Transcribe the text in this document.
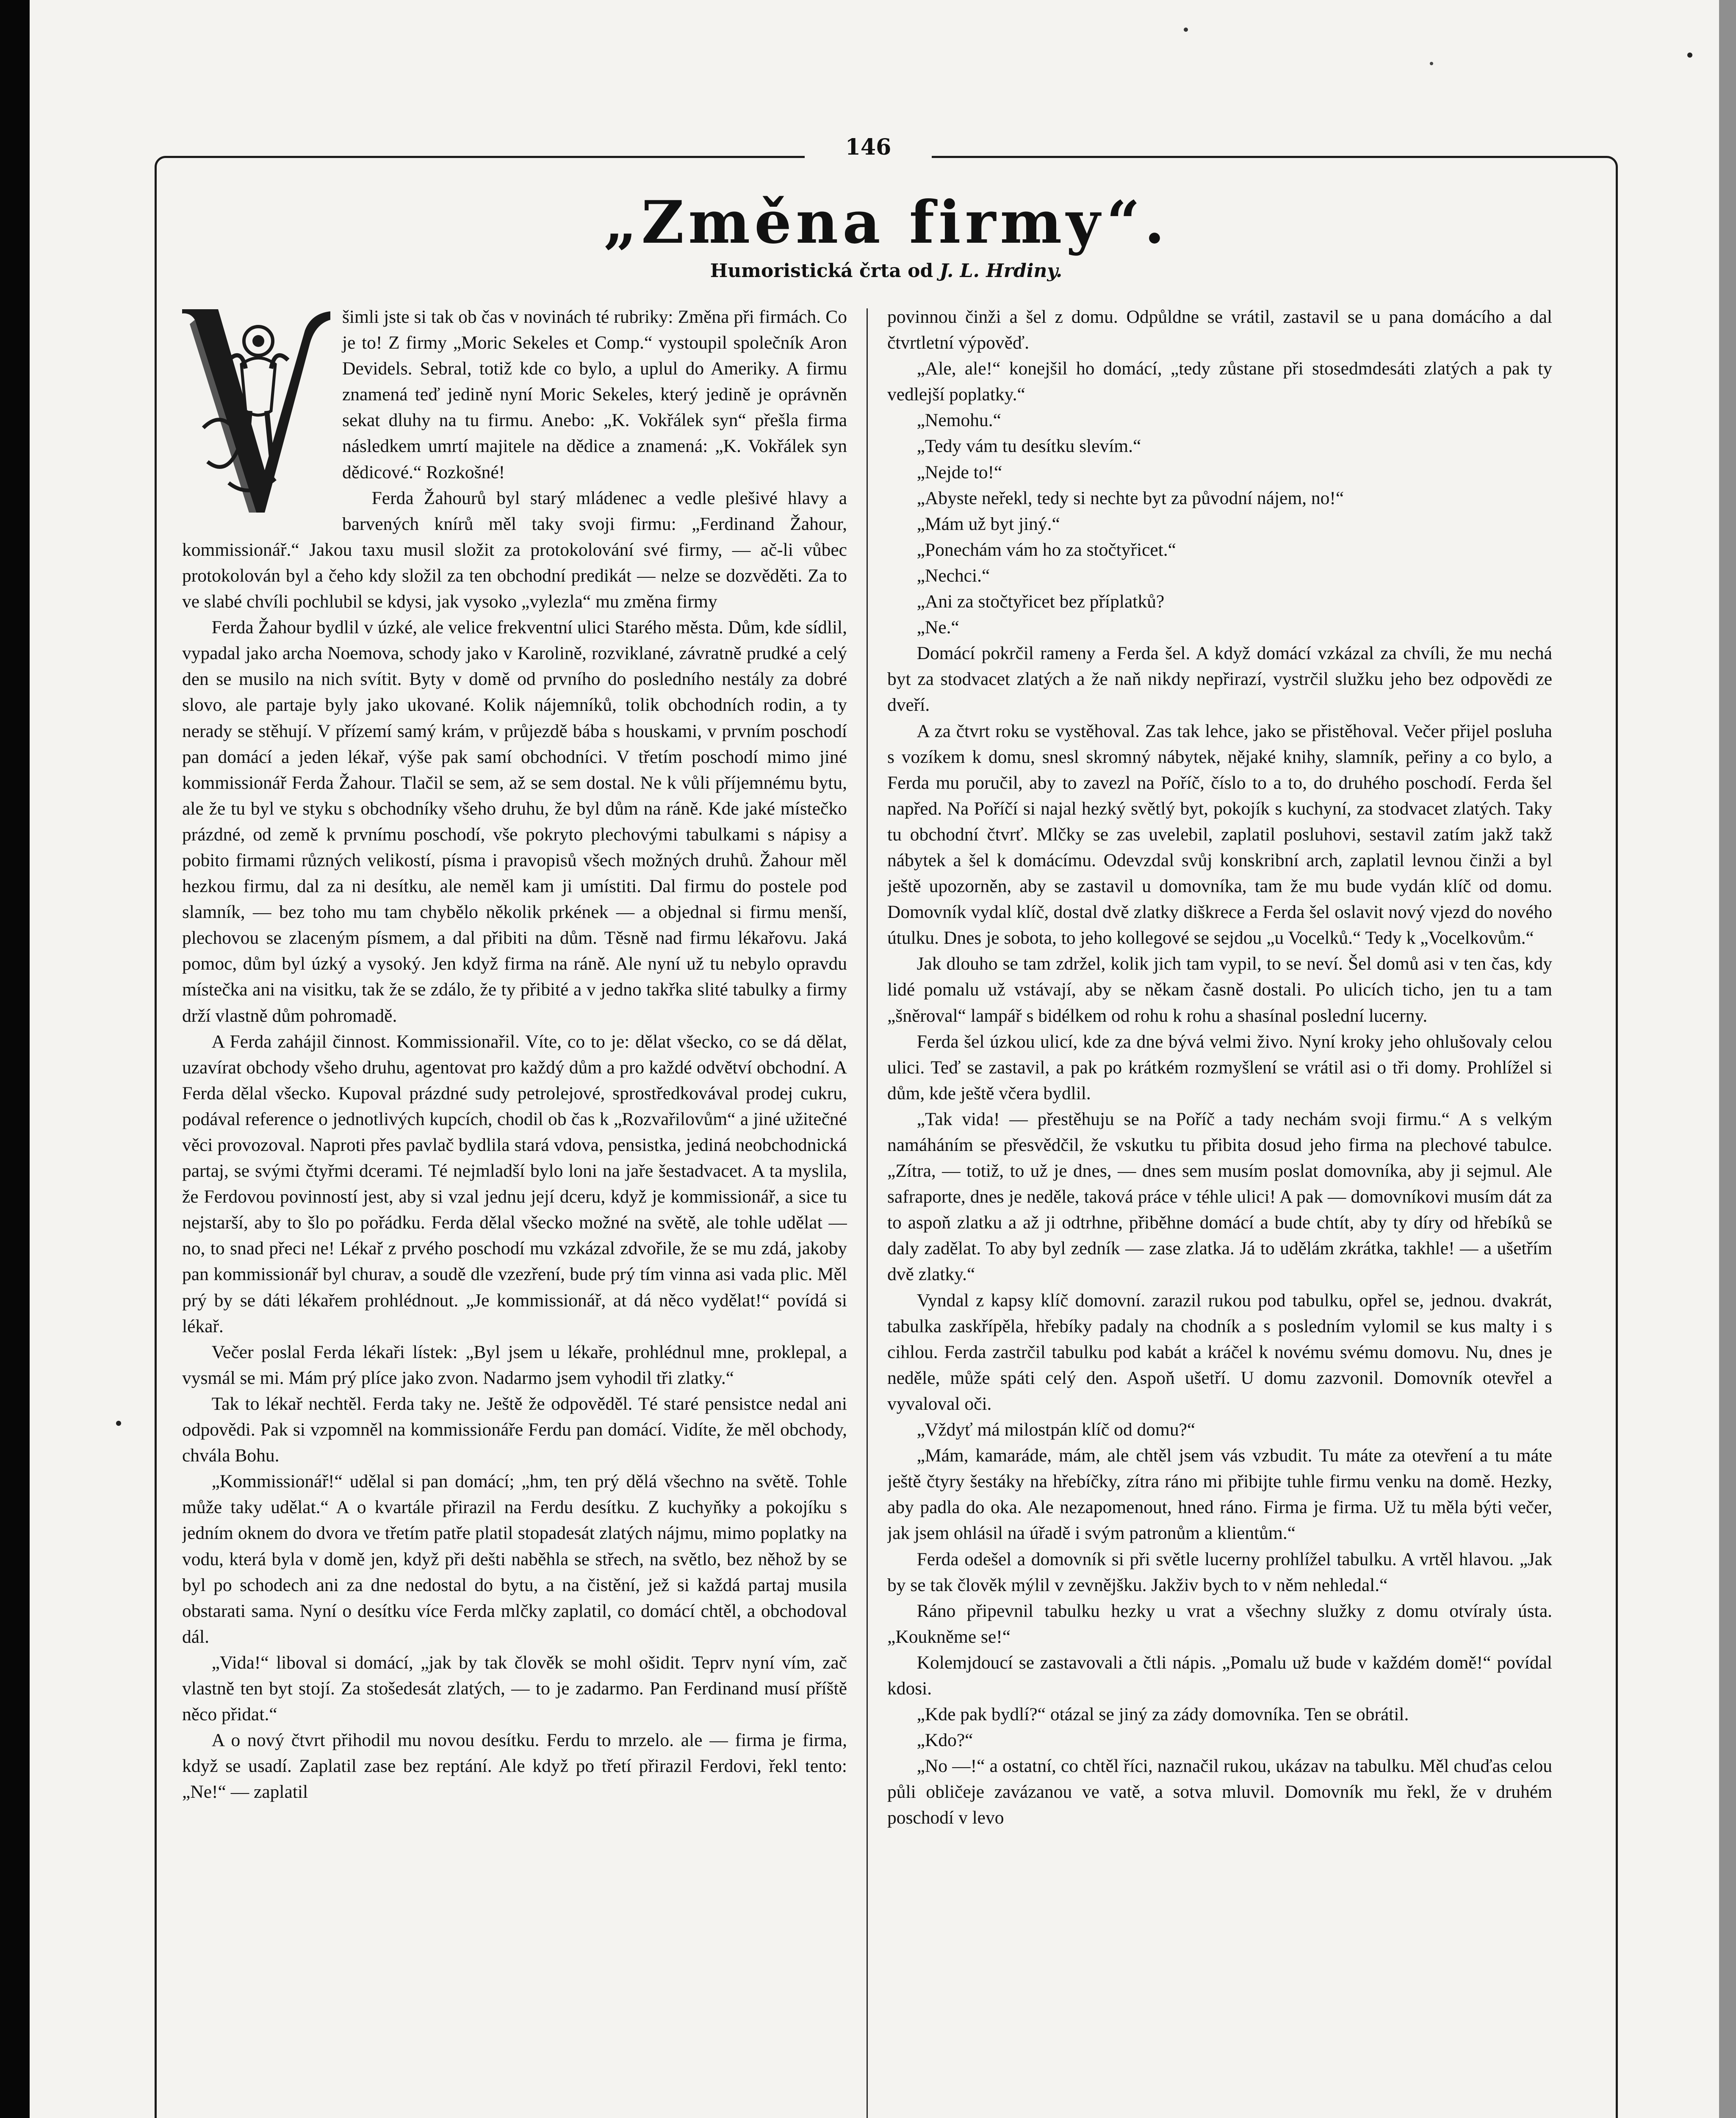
146
„Změna firmy“.
Humoristická črta od J. L. Hrdiny.

šimli jste si tak ob čas v novinách té rubriky: Změna při firmách. Co je to! Z firmy „Moric Sekeles et Comp.“ vystoupil společník Aron Devidels. Sebral, totiž kde co bylo, a uplul do Ameriky. A firmu znamená teď jedině nyní Moric Sekeles, který jedině je oprávněn sekat dluhy na tu firmu. Anebo: „K. Vokřálek syn“ přešla firma následkem umrtí majitele na dědice a znamená: „K. Vokřálek syn dědicové.“ Rozkošné!

Ferda Žahourů byl starý mládenec a vedle plešivé hlavy a barvených knírů měl taky svoji firmu: „Ferdinand Žahour, kommissionář.“ Jakou taxu musil složit za protokolování své firmy, — ač-li vůbec protokolován byl a čeho kdy složil za ten obchodní predikát — nelze se dozvěděti. Za to ve slabé chvíli pochlubil se kdysi, jak vysoko „vylezla“ mu změna firmy

Ferda Žahour bydlil v úzké, ale velice frekventní ulici Starého města. Dům, kde sídlil, vypadal jako archa Noemova, schody jako v Karolině, rozviklané, závratně prudké a celý den se musilo na nich svítit. Byty v domě od prvního do posledního nestály za dobré slovo, ale partaje byly jako ukované. Kolik nájemníků, tolik obchodních rodin, a ty nerady se stěhují. V přízemí samý krám, v průjezdě bába s houskami, v prvním poschodí pan domácí a jeden lékař, výše pak samí obchodníci. V třetím poschodí mimo jiné kommissionář Ferda Žahour. Tlačil se sem, až se sem dostal. Ne k vůli příjemnému bytu, ale že tu byl ve styku s obchodníky všeho druhu, že byl dům na ráně. Kde jaké místečko prázdné, od země k prvnímu poschodí, vše pokryto plechovými tabulkami s nápisy a pobito firmami různých velikostí, písma i pravopisů všech možných druhů. Žahour měl hezkou firmu, dal za ni desítku, ale neměl kam ji umístiti. Dal firmu do postele pod slamník, — bez toho mu tam chybělo několik prkének — a objednal si firmu menší, plechovou se zlaceným písmem, a dal přibiti na dům. Těsně nad firmu lékařovu. Jaká pomoc, dům byl úzký a vysoký. Jen když firma na ráně. Ale nyní už tu nebylo opravdu místečka ani na visitku, tak že se zdálo, že ty přibité a v jedno takřka slité tabulky a firmy drží vlastně dům pohromadě.

A Ferda zahájil činnost. Kommissionařil. Víte, co to je: dělat všecko, co se dá dělat, uzavírat obchody všeho druhu, agentovat pro každý dům a pro každé odvětví obchodní. A Ferda dělal všecko. Kupoval prázdné sudy petrolejové, sprostředkovával prodej cukru, podával reference o jednotlivých kupcích, chodil ob čas k „Rozvařilovům“ a jiné užitečné věci provozoval. Naproti přes pavlač bydlila stará vdova, pensistka, jediná neobchodnická partaj, se svými čtyřmi dcerami. Té nejmladší bylo loni na jaře šestadvacet. A ta myslila, že Ferdovou povinností jest, aby si vzal jednu její dceru, když je kommissionář, a sice tu nejstarší, aby to šlo po pořádku. Ferda dělal všecko možné na světě, ale tohle udělat — no, to snad přeci ne! Lékař z prvého poschodí mu vzkázal zdvořile, že se mu zdá, jakoby pan kommissionář byl churav, a soudě dle vzezření, bude prý tím vinna asi vada plic. Měl prý by se dáti lékařem prohlédnout. „Je kommissionář, at dá něco vydělat!“ povídá si lékař.

Večer poslal Ferda lékaři lístek: „Byl jsem u lékaře, prohlédnul mne, proklepal, a vysmál se mi. Mám prý plíce jako zvon. Nadarmo jsem vyhodil tři zlatky.“

Tak to lékař nechtěl. Ferda taky ne. Ještě že odpověděl. Té staré pensistce nedal ani odpovědi. Pak si vzpomněl na kommissionáře Ferdu pan domácí. Vidíte, že měl obchody, chvála Bohu.

„Kommissionář!“ udělal si pan domácí; „hm, ten prý dělá všechno na světě. Tohle může taky udělat.“ A o kvartále přirazil na Ferdu desítku. Z kuchyňky a pokojíku s jedním oknem do dvora ve třetím patře platil stopadesát zlatých nájmu, mimo poplatky na vodu, která byla v domě jen, když při dešti naběhla se střech, na světlo, bez něhož by se byl po schodech ani za dne nedostal do bytu, a na čistění, jež si každá partaj musila obstarati sama. Nyní o desítku více Ferda mlčky zaplatil, co domácí chtěl, a obchodoval dál.

„Vida!“ liboval si domácí, „jak by tak člověk se mohl ošidit. Teprv nyní vím, zač vlastně ten byt stojí. Za stošedesát zlatých, — to je zadarmo. Pan Ferdinand musí příště něco přidat.“

A o nový čtvrt přihodil mu novou desítku. Ferdu to mrzelo. ale — firma je firma, když se usadí. Zaplatil zase bez reptání. Ale když po třetí přirazil Ferdovi, řekl tento: „Ne!“ — zaplatil

povinnou činži a šel z domu. Odpůldne se vrátil, zastavil se u pana domácího a dal čtvrtletní výpověď.

„Ale, ale!“ konejšil ho domácí, „tedy zůstane při stosedmdesáti zlatých a pak ty vedlejší poplatky.“

„Nemohu.“

„Tedy vám tu desítku slevím.“

„Nejde to!“

„Abyste neřekl, tedy si nechte byt za původní nájem, no!“

„Mám už byt jiný.“

„Ponechám vám ho za stočtyřicet.“

„Nechci.“

„Ani za stočtyřicet bez příplatků?

„Ne.“

Domácí pokrčil rameny a Ferda šel. A když domácí vzkázal za chvíli, že mu nechá byt za stodvacet zlatých a že naň nikdy nepřirazí, vystrčil služku jeho bez odpovědi ze dveří.

A za čtvrt roku se vystěhoval. Zas tak lehce, jako se přistěhoval. Večer přijel posluha s vozíkem k domu, snesl skromný nábytek, nějaké knihy, slamník, peřiny a co bylo, a Ferda mu poručil, aby to zavezl na Poříč, číslo to a to, do druhého poschodí. Ferda šel napřed. Na Poříčí si najal hezký světlý byt, pokojík s kuchyní, za stodvacet zlatých. Taky tu obchodní čtvrť. Mlčky se zas uvelebil, zaplatil posluhovi, sestavil zatím jakž takž nábytek a šel k domácímu. Odevzdal svůj konskribní arch, zaplatil levnou činži a byl ještě upozorněn, aby se zastavil u domovníka, tam že mu bude vydán klíč od domu. Domovník vydal klíč, dostal dvě zlatky diškrece a Ferda šel oslavit nový vjezd do nového útulku. Dnes je sobota, to jeho kollegové se sejdou „u Vocelků.“ Tedy k „Vocelkovům.“

Jak dlouho se tam zdržel, kolik jich tam vypil, to se neví. Šel domů asi v ten čas, kdy lidé pomalu už vstávají, aby se někam časně dostali. Po ulicích ticho, jen tu a tam „šněroval“ lampář s bidélkem od rohu k rohu a shasínal poslední lucerny.

Ferda šel úzkou ulicí, kde za dne bývá velmi živo. Nyní kroky jeho ohlušovaly celou ulici. Teď se zastavil, a pak po krátkém rozmyšlení se vrátil asi o tři domy. Prohlížel si dům, kde ještě včera bydlil.

„Tak vida! — přestěhuju se na Poříč a tady nechám svoji firmu.“ A s velkým namáháním se přesvědčil, že vskutku tu přibita dosud jeho firma na plechové tabulce. „Zítra, — totiž, to už je dnes, — dnes sem musím poslat domovníka, aby ji sejmul. Ale safraporte, dnes je neděle, taková práce v téhle ulici! A pak — domovníkovi musím dát za to aspoň zlatku a až ji odtrhne, přiběhne domácí a bude chtít, aby ty díry od hřebíků se daly zadělat. To aby byl zedník — zase zlatka. Já to udělám zkrátka, takhle! — a ušetřím dvě zlatky.“

Vyndal z kapsy klíč domovní. zarazil rukou pod tabulku, opřel se, jednou. dvakrát, tabulka zaskřípěla, hřebíky padaly na chodník a s posledním vylomil se kus malty i s cihlou. Ferda zastrčil tabulku pod kabát a kráčel k novému svému domovu. Nu, dnes je neděle, může spáti celý den. Aspoň ušetří. U domu zazvonil. Domovník otevřel a vyvaloval oči.

„Vždyť má milostpán klíč od domu?“

„Mám, kamaráde, mám, ale chtěl jsem vás vzbudit. Tu máte za otevření a tu máte ještě čtyry šestáky na hřebíčky, zítra ráno mi přibijte tuhle firmu venku na domě. Hezky, aby padla do oka. Ale nezapomenout, hned ráno. Firma je firma. Už tu měla býti večer, jak jsem ohlásil na úřadě i svým patronům a klientům.“

Ferda odešel a domovník si při světle lucerny prohlížel tabulku. A vrtěl hlavou. „Jak by se tak člověk mýlil v zevnějšku. Jakživ bych to v něm nehledal.“

Ráno připevnil tabulku hezky u vrat a všechny služky z domu otvíraly ústa. „Koukněme se!“

Kolemjdoucí se zastavovali a čtli nápis. „Pomalu už bude v každém domě!“ povídal kdosi.

„Kde pak bydlí?“ otázal se jiný za zády domovníka. Ten se obrátil.

„Kdo?“

„No —!“ a ostatní, co chtěl říci, naznačil rukou, ukázav na tabulku. Měl chuďas celou půli obličeje zavázanou ve vatě, a sotva mluvil. Domovník mu řekl, že v druhém poschodí v levo
